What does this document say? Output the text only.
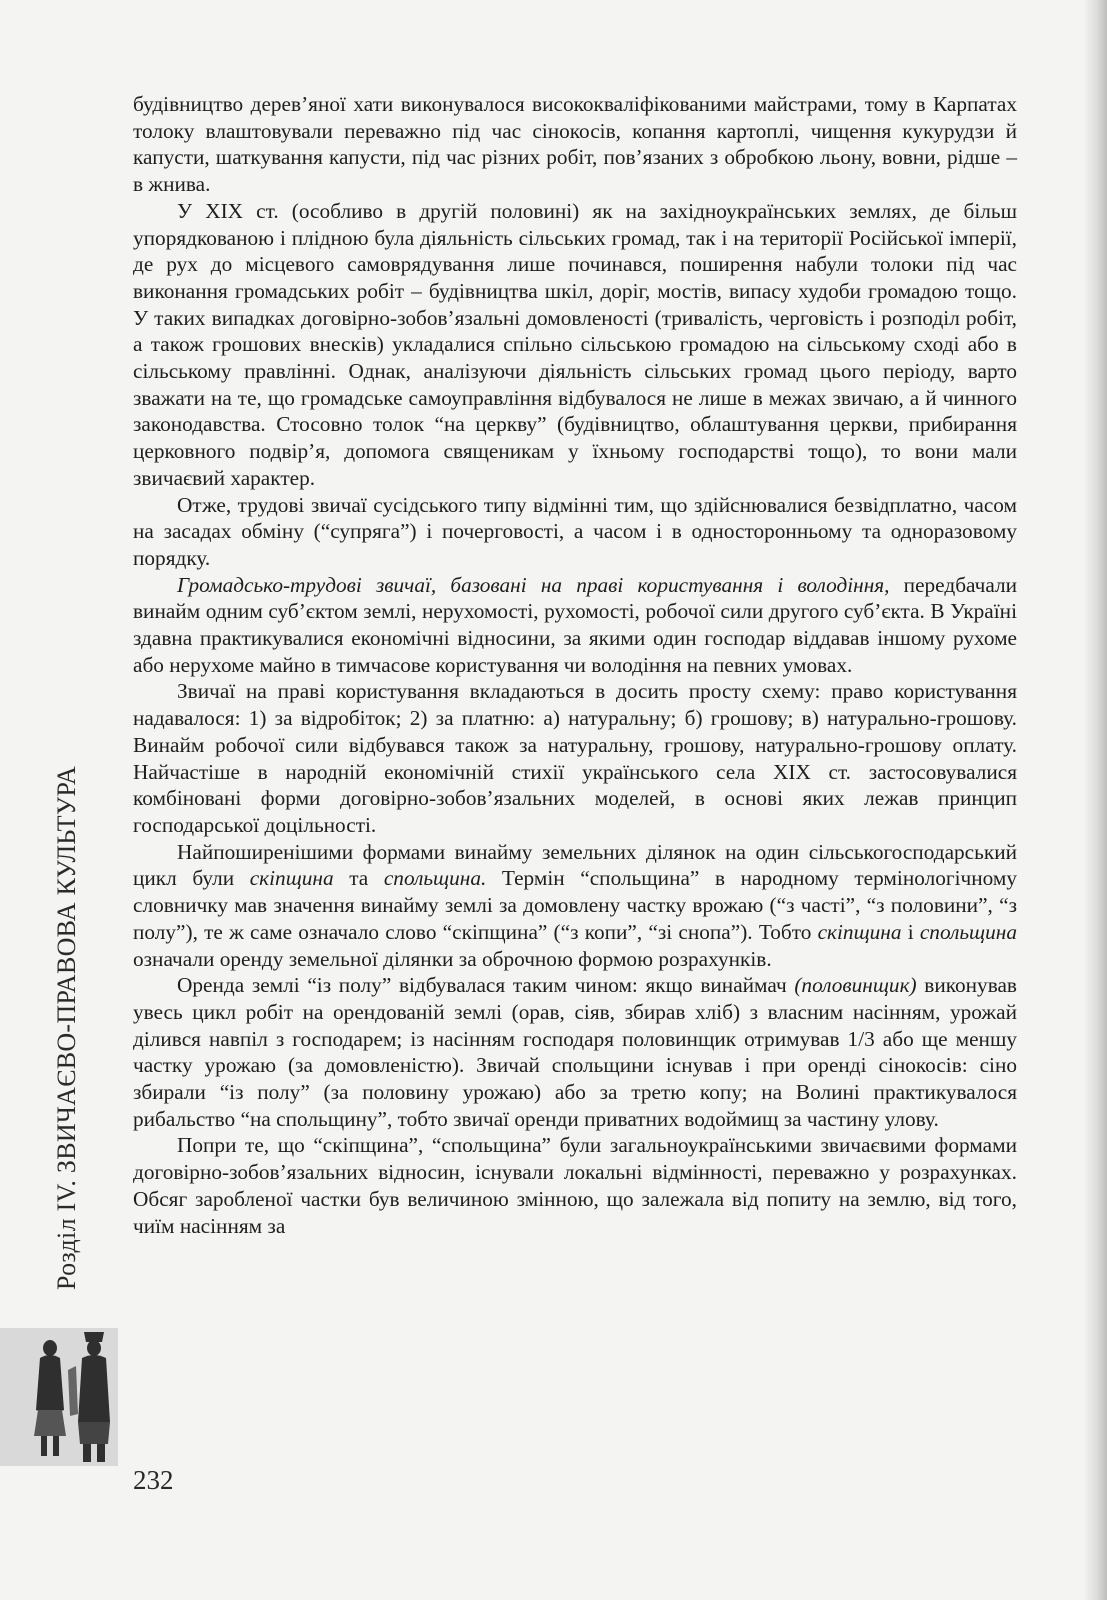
Розділ IV. ЗВИЧАЄВО-ПРАВОВА КУЛЬТУРА

будівництво дерев’яної хати виконувалося висококваліфікованими майстрами, тому в Карпатах толоку влаштовували переважно під час сінокосів, копання картоплі, чищення кукурудзи й капусти, шаткування капусти, під час різних робіт, пов’язаних з обробкою льону, вовни, рідше – в жнива.

У XIX ст. (особливо в другій половині) як на західноукраїнських землях, де більш упорядкованою і плідною була діяльність сільських громад, так і на території Російської імперії, де рух до місцевого самоврядування лише починався, поширення набули толоки під час виконання громадських робіт – будівництва шкіл, доріг, мостів, випасу худоби громадою тощо. У таких випадках договірно-зобов’язальні домовленості (тривалість, черговість і розподіл робіт, а також грошових внесків) укладалися спільно сільською громадою на сільському сході або в сільському правлінні. Однак, аналізуючи діяльність сільських громад цього періоду, варто зважати на те, що громадське самоуправління відбувалося не лише в межах звичаю, а й чинного законодавства. Стосовно толок “на церкву” (будівництво, облаштування церкви, прибирання церковного подвір’я, допомога священикам у їхньому господарстві тощо), то вони мали звичаєвий характер.

Отже, трудові звичаї сусідського типу відмінні тим, що здійснювалися безвідплатно, часом на засадах обміну (“супряга”) і почерговості, а часом і в односторонньому та одноразовому порядку.

Громадсько-трудові звичаї, базовані на праві користування і володіння, передбачали винайм одним суб’єктом землі, нерухомості, рухомості, робочої сили другого суб’єкта. В Україні здавна практикувалися економічні відносини, за якими один господар віддавав іншому рухоме або нерухоме майно в тимчасове користування чи володіння на певних умовах.

Звичаї на праві користування вкладаються в досить просту схему: право користування надавалося: 1) за відробіток; 2) за платню: а) натуральну; б) грошову; в) натурально-грошову. Винайм робочої сили відбувався також за натуральну, грошову, натурально-грошову оплату. Найчастіше в народній економічній стихії українського села XIX ст. застосовувалися комбіновані форми договірно-зобов’язальних моделей, в основі яких лежав принцип господарської доцільності.

Найпоширенішими формами винайму земельних ділянок на один сільськогосподарський цикл були скіпщина та спольщина. Термін “спольщина” в народному термінологічному словничку мав значення винайму землі за домовлену частку врожаю (“з часті”, “з половини”, “з полу”), те ж саме означало слово “скіпщина” (“з копи”, “зі снопа”). Тобто скіпщина і спольщина означали оренду земельної ділянки за оброчною формою розрахунків.

Оренда землі “із полу” відбувалася таким чином: якщо винаймач (половинщик) виконував увесь цикл робіт на орендованій землі (орав, сіяв, збирав хліб) з власним насінням, урожай ділився навпіл з господарем; із насінням господаря половинщик отримував 1/3 або ще меншу частку урожаю (за домовленістю). Звичай спольщини існував і при оренді сінокосів: сіно збирали “із полу” (за половину урожаю) або за третю копу; на Волині практикувалося рибальство “на спольщину”, тобто звичаї оренди приватних водоймищ за частину улову.

Попри те, що “скіпщина”, “спольщина” були загальноукраїнськими звичаєвими формами договірно-зобов’язальних відносин, існували локальні відмінності, переважно у розрахунках. Обсяг заробленої частки був величиною змінною, що залежала від попиту на землю, від того, чиїм насінням за

232
